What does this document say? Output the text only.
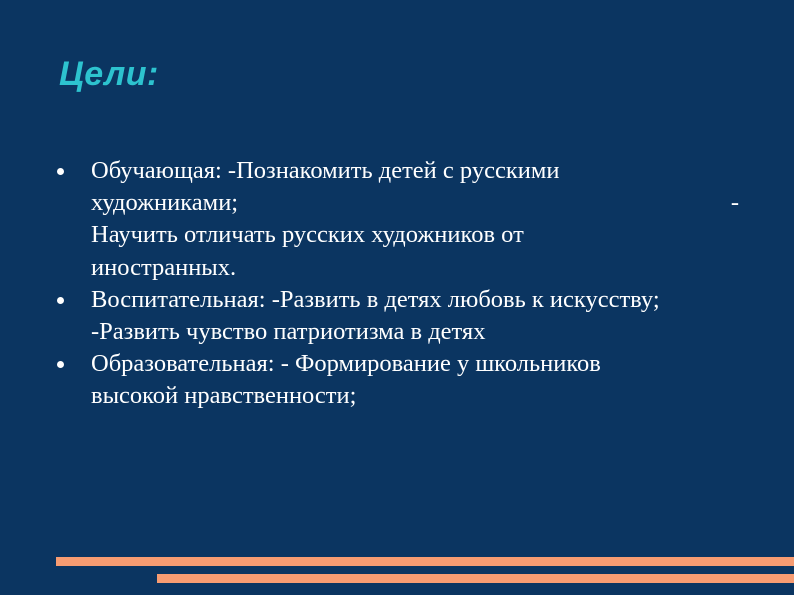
Цели:
Обучающая: -Познакомить детей с русскими
художниками;	-
Научить отличать русских художников от
иностранных.
Воспитательная: -Развить в детях любовь к искусству;
-Развить чувство патриотизма в детях
Образовательная: - Формирование у школьников
высокой нравственности;
